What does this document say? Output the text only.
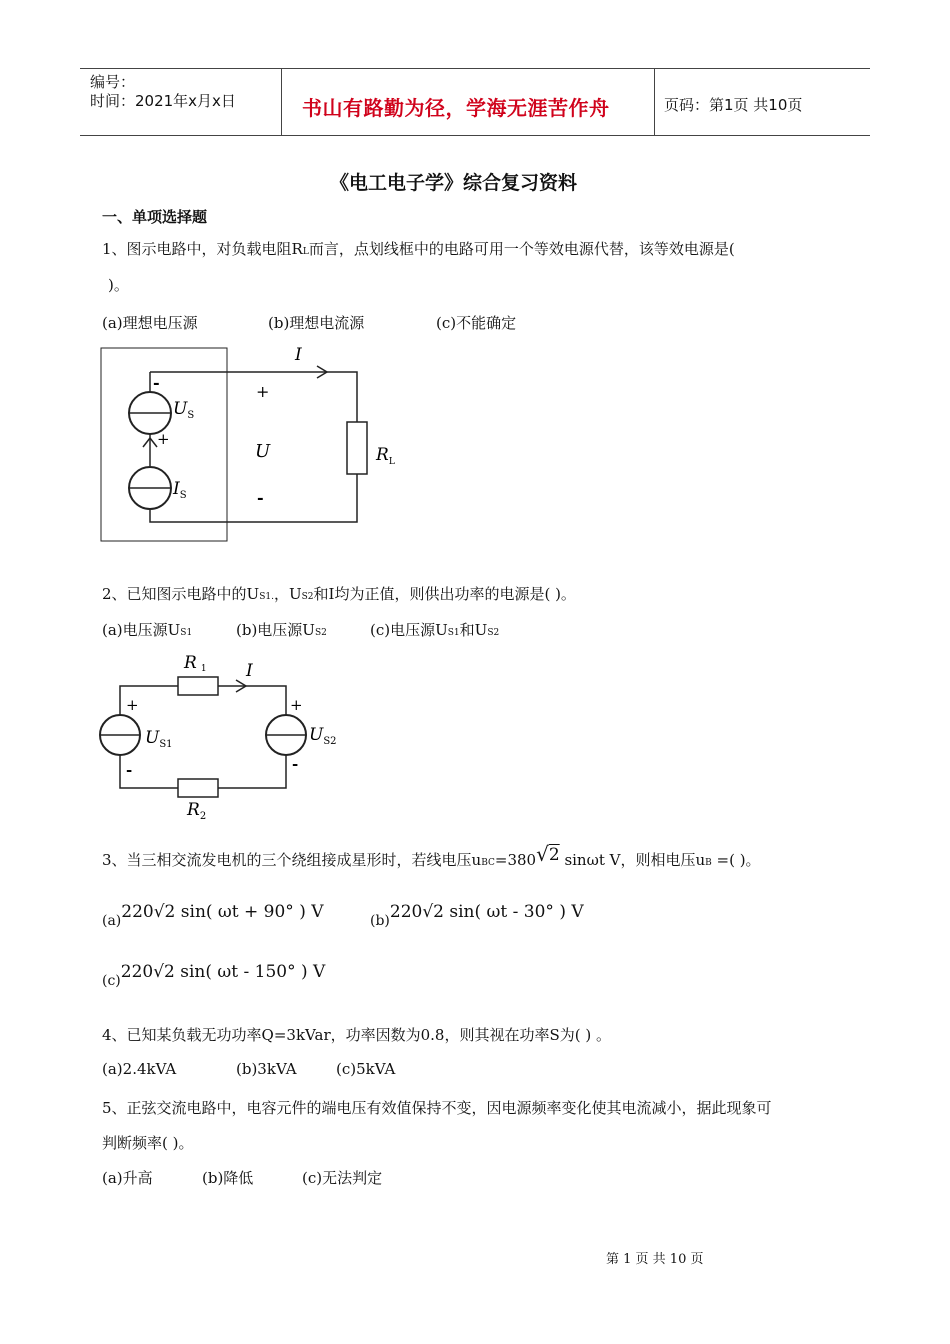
编号：
时间：2021年x月x日	书山有路勤为径，学海无涯苦作舟	页码：第1页 共10页
《电工电子学》综合复习资料
一、单项选择题
1、图示电路中，对负载电阻RL而言，点划线框中的电路可用一个等效电源代替，该等效电源是(
)。
(a)理想电压源	(b)理想电流源	(c)不能确定
I
-
$U_S$
+
$I_S$
+
U
-
$R_L$
2、已知图示电路中的US1.，US2和I均为正值，则供出功率的电源是( )。
(a)电压源US1	(b)电压源US2	(c)电压源US1和US2
R 1 I
+
-
$U_{S1}$
+
-
$U_{S2}$
$R_2$
3、当三相交流发电机的三个绕组接成星形时，若线电压uBC=380√2 sinωt V，则相电压uB =( )。
(a)220√2 sin( ωt + 90° ) V	(b)220√2 sin( ωt - 30° ) V
(c)220√2 sin( ωt - 150° ) V
4、已知某负载无功功率Q=3kVar，功率因数为0.8，则其视在功率S为( ) 。
(a)2.4kVA	(b)3kVA	(c)5kVA
5、正弦交流电路中，电容元件的端电压有效值保持不变，因电源频率变化使其电流减小，据此现象可
判断频率( )。
(a)升高	(b)降低	(c)无法判定
第 1 页 共 10 页
